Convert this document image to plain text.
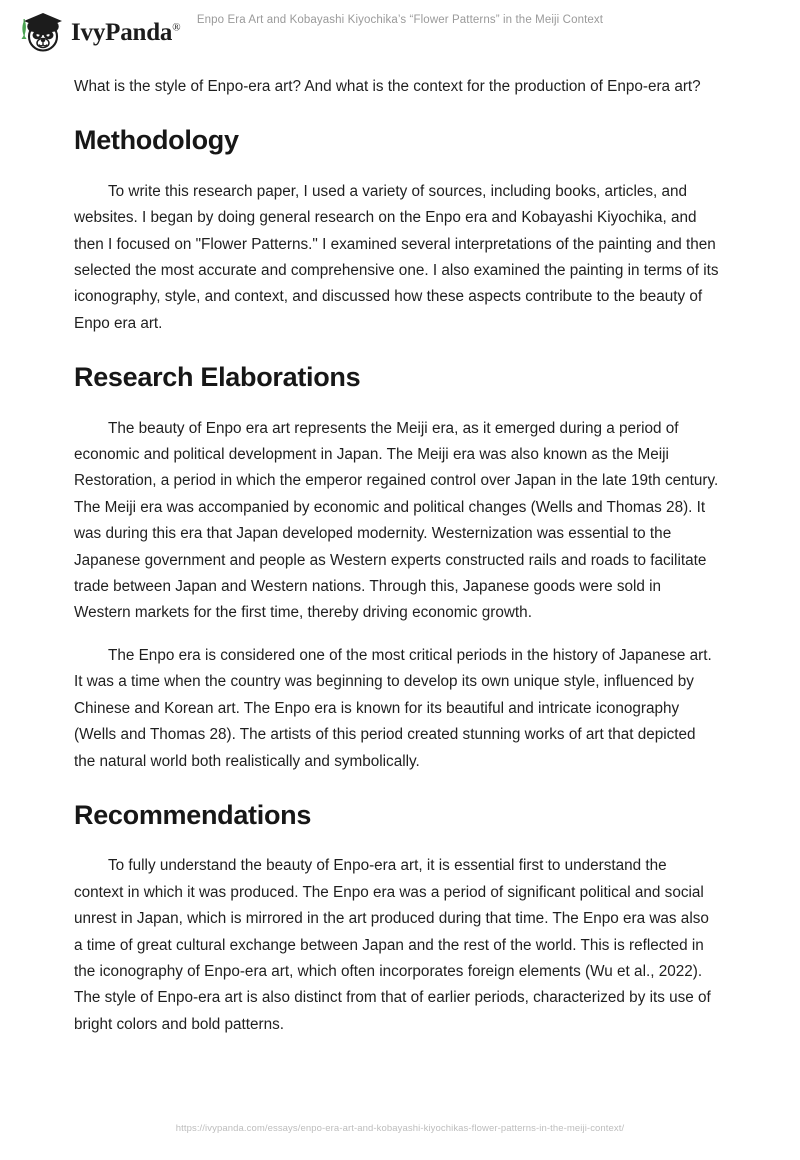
IvyPanda®
Enpo Era Art and Kobayashi Kiyochika’s “Flower Patterns” in the Meiji Context

What is the style of Enpo-era art? And what is the context for the production of Enpo-era art?

Methodology

To write this research paper, I used a variety of sources, including books, articles, and websites. I began by doing general research on the Enpo era and Kobayashi Kiyochika, and then I focused on "Flower Patterns." I examined several interpretations of the painting and then selected the most accurate and comprehensive one. I also examined the painting in terms of its iconography, style, and context, and discussed how these aspects contribute to the beauty of Enpo era art.

Research Elaborations

The beauty of Enpo era art represents the Meiji era, as it emerged during a period of economic and political development in Japan. The Meiji era was also known as the Meiji Restoration, a period in which the emperor regained control over Japan in the late 19th century. The Meiji era was accompanied by economic and political changes (Wells and Thomas 28). It was during this era that Japan developed modernity. Westernization was essential to the Japanese government and people as Western experts constructed rails and roads to facilitate trade between Japan and Western nations. Through this, Japanese goods were sold in Western markets for the first time, thereby driving economic growth.

The Enpo era is considered one of the most critical periods in the history of Japanese art. It was a time when the country was beginning to develop its own unique style, influenced by Chinese and Korean art. The Enpo era is known for its beautiful and intricate iconography (Wells and Thomas 28). The artists of this period created stunning works of art that depicted the natural world both realistically and symbolically.

Recommendations

To fully understand the beauty of Enpo-era art, it is essential first to understand the context in which it was produced. The Enpo era was a period of significant political and social unrest in Japan, which is mirrored in the art produced during that time. The Enpo era was also a time of great cultural exchange between Japan and the rest of the world. This is reflected in the iconography of Enpo-era art, which often incorporates foreign elements (Wu et al., 2022). The style of Enpo-era art is also distinct from that of earlier periods, characterized by its use of bright colors and bold patterns.

https://ivypanda.com/essays/enpo-era-art-and-kobayashi-kiyochikas-flower-patterns-in-the-meiji-context/
